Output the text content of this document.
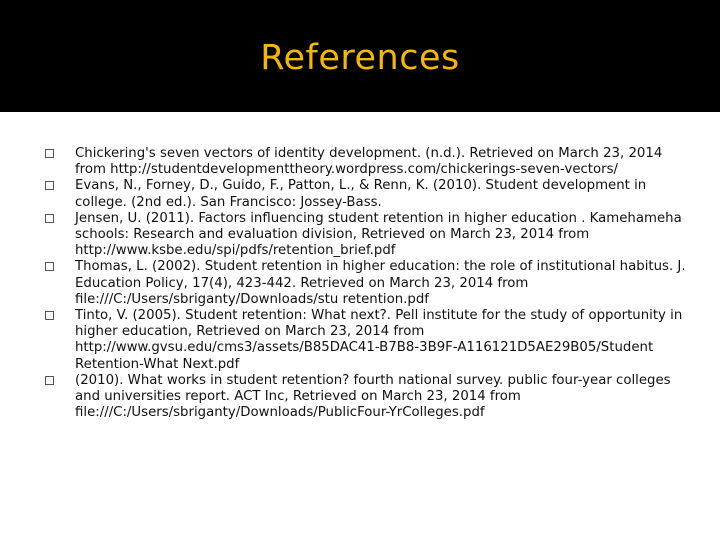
References
Chickering's seven vectors of identity development. (n.d.). Retrieved on March 23, 2014 from http://studentdevelopmenttheory.wordpress.com/chickerings-seven-vectors/
Evans, N., Forney, D., Guido, F., Patton, L., & Renn, K. (2010). Student development in college. (2nd ed.). San Francisco: Jossey-Bass.
Jensen, U. (2011). Factors influencing student retention in higher education . Kamehameha schools: Research and evaluation division, Retrieved on March 23, 2014 from http://www.ksbe.edu/spi/pdfs/retention_brief.pdf
Thomas, L. (2002). Student retention in higher education: the role of institutional habitus. J. Education Policy, 17(4), 423-442. Retrieved on March 23, 2014 from file:///C:/Users/sbriganty/Downloads/stu retention.pdf
Tinto, V. (2005). Student retention: What next?. Pell institute for the study of opportunity in higher education, Retrieved on March 23, 2014 from http://www.gvsu.edu/cms3/assets/B85DAC41-B7B8-3B9F-A116121D5AE29B05/Student Retention-What Next.pdf
(2010). What works in student retention? fourth national survey. public four-year colleges and universities report. ACT Inc, Retrieved on March 23, 2014 from file:///C:/Users/sbriganty/Downloads/PublicFour-YrColleges.pdf
